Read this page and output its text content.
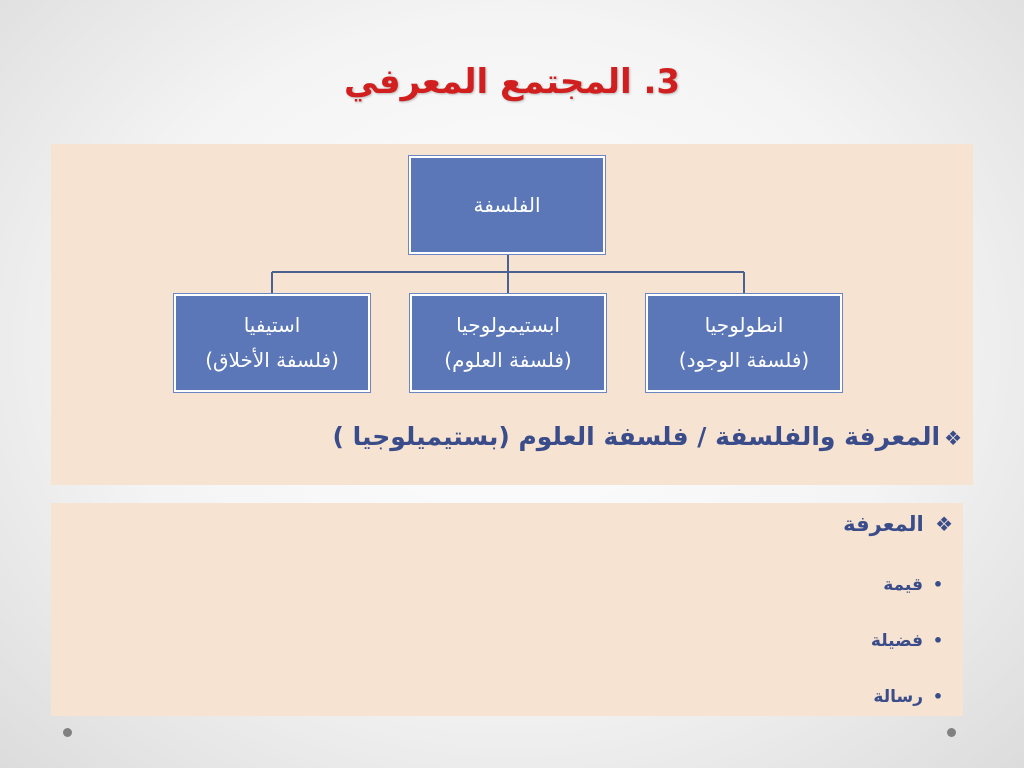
3. المجتمع المعرفي
الفلسفة
انطولوجيا
(فلسفة الوجود)
ابستيمولوجيا
(فلسفة العلوم)
استيفيا
(فلسفة الأخلاق)
❖المعرفة والفلسفة / فلسفة العلوم (بستيميلوجيا )
❖ المعرفة
•قيمة
•فضيلة
•رسالة
